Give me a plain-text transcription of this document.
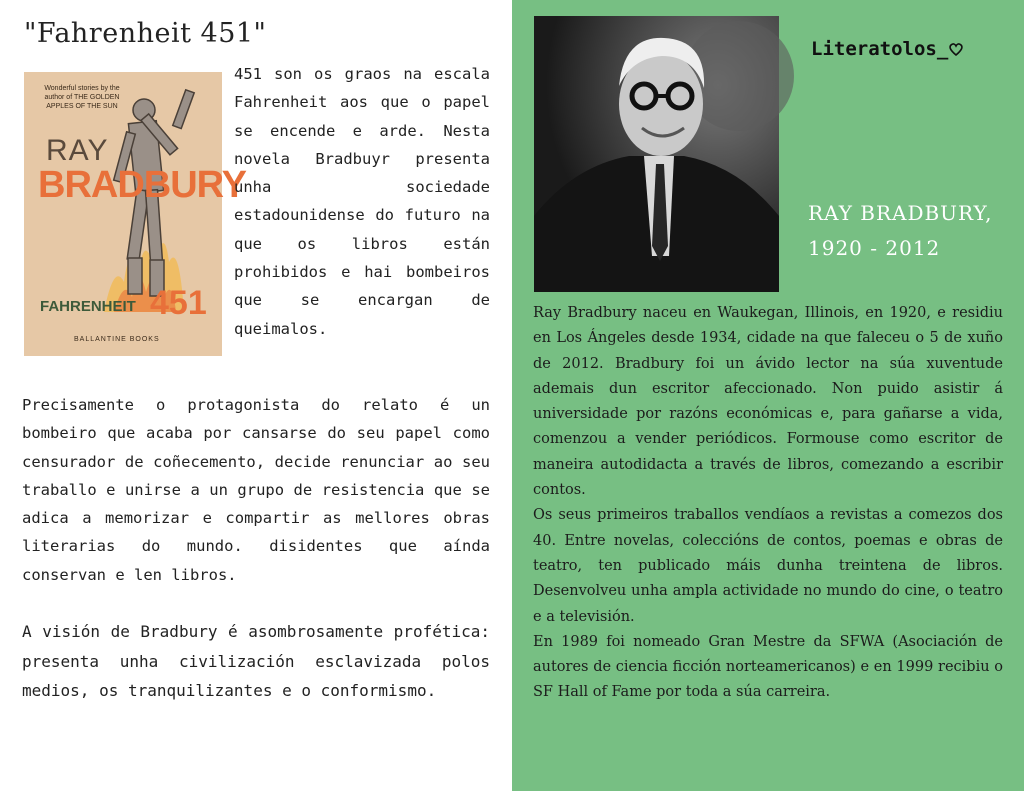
"Fahrenheit 451"
Wonderful stories by the author of THE GOLDEN APPLES OF THE SUN
RAY
BRADBURY
FAHRENHEIT 451
BALLANTINE BOOKS

451 son os graos na escala Fahrenheit aos que o papel se encende e arde. Nesta novela Bradbuyr presenta unha sociedade estadounidense do futuro na que os libros están prohibidos e hai bombeiros que se encargan de queimalos.

Precisamente o protagonista do relato é un bombeiro que acaba por cansarse do seu papel como censurador de coñecemento, decide renunciar ao seu traballo e unirse a un grupo de resistencia que se adica a memorizar e compartir as mellores obras literarias do mundo. disidentes que aínda conservan e len libros.

A visión de Bradbury é asombrosamente profética: presenta unha civilización esclavizada polos medios, os tranquilizantes e o conformismo.

Literatolos_
RAY BRADBURY,
1920 - 2012
Ray Bradbury naceu en Waukegan, Illinois, en 1920, e residiu en Los Ángeles desde 1934, cidade na que faleceu o 5 de xuño de 2012. Bradbury foi un ávido lector na súa xuventude ademais dun escritor afeccionado. Non puido asistir á universidade por razóns económicas e, para gañarse a vida, comenzou a vender periódicos. Formouse como escritor de maneira autodidacta a través de libros, comezando a escribir contos.
Os seus primeiros traballos vendíaos a revistas a comezos dos 40. Entre novelas, coleccións de contos, poemas e obras de teatro, ten publicado máis dunha treintena de libros. Desenvolveu unha ampla actividade no mundo do cine, o teatro e a televisión.
En 1989 foi nomeado Gran Mestre da SFWA (Asociación de autores de ciencia ficción norteamericanos) e en 1999 recibiu o SF Hall of Fame por toda a súa carreira.
